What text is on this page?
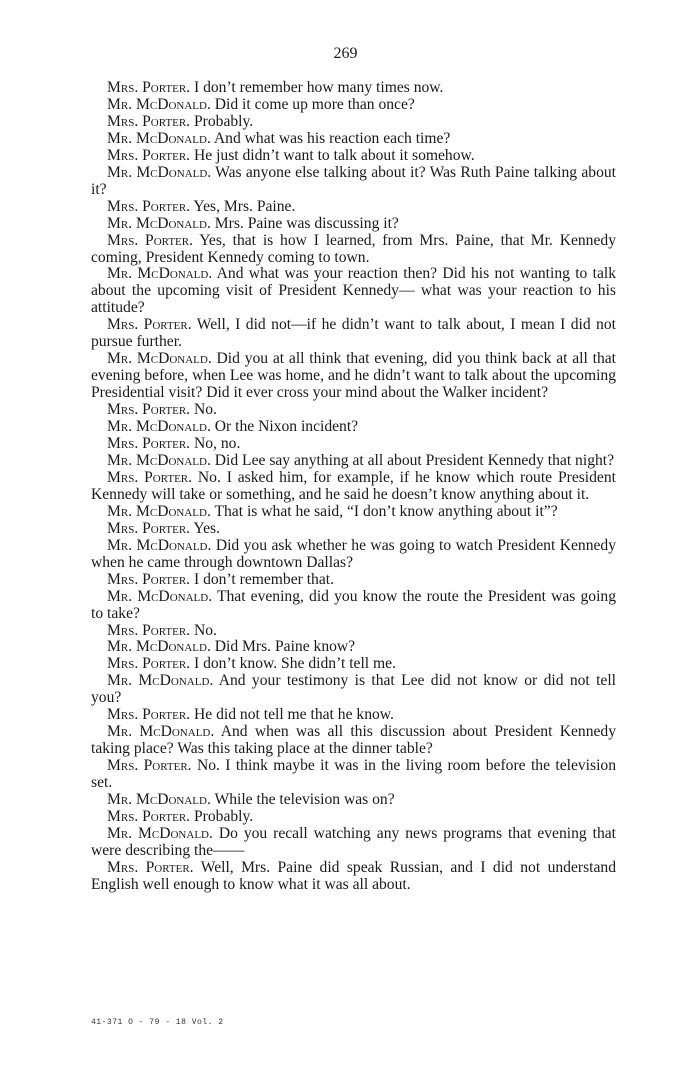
269

Mrs. Porter. I don’t remember how many times now.

Mr. McDonald. Did it come up more than once?

Mrs. Porter. Probably.

Mr. McDonald. And what was his reaction each time?

Mrs. Porter. He just didn’t want to talk about it somehow.

Mr. McDonald. Was anyone else talking about it? Was Ruth Paine talking about it?

Mrs. Porter. Yes, Mrs. Paine.

Mr. McDonald. Mrs. Paine was discussing it?

Mrs. Porter. Yes, that is how I learned, from Mrs. Paine, that Mr. Kennedy coming, President Kennedy coming to town.

Mr. McDonald. And what was your reaction then? Did his not wanting to talk about the upcoming visit of President Kennedy— what was your reaction to his attitude?

Mrs. Porter. Well, I did not—if he didn’t want to talk about, I mean I did not pursue further.

Mr. McDonald. Did you at all think that evening, did you think back at all that evening before, when Lee was home, and he didn’t want to talk about the upcoming Presidential visit? Did it ever cross your mind about the Walker incident?

Mrs. Porter. No.

Mr. McDonald. Or the Nixon incident?

Mrs. Porter. No, no.

Mr. McDonald. Did Lee say anything at all about President Kennedy that night?

Mrs. Porter. No. I asked him, for example, if he know which route President Kennedy will take or something, and he said he doesn’t know anything about it.

Mr. McDonald. That is what he said, “I don’t know anything about it”?

Mrs. Porter. Yes.

Mr. McDonald. Did you ask whether he was going to watch President Kennedy when he came through downtown Dallas?

Mrs. Porter. I don’t remember that.

Mr. McDonald. That evening, did you know the route the President was going to take?

Mrs. Porter. No.

Mr. McDonald. Did Mrs. Paine know?

Mrs. Porter. I don’t know. She didn’t tell me.

Mr. McDonald. And your testimony is that Lee did not know or did not tell you?

Mrs. Porter. He did not tell me that he know.

Mr. McDonald. And when was all this discussion about President Kennedy taking place? Was this taking place at the dinner table?

Mrs. Porter. No. I think maybe it was in the living room before the television set.

Mr. McDonald. While the television was on?

Mrs. Porter. Probably.

Mr. McDonald. Do you recall watching any news programs that evening that were describing the——

Mrs. Porter. Well, Mrs. Paine did speak Russian, and I did not understand English well enough to know what it was all about.

41-371 O - 79 - 18 Vol. 2
